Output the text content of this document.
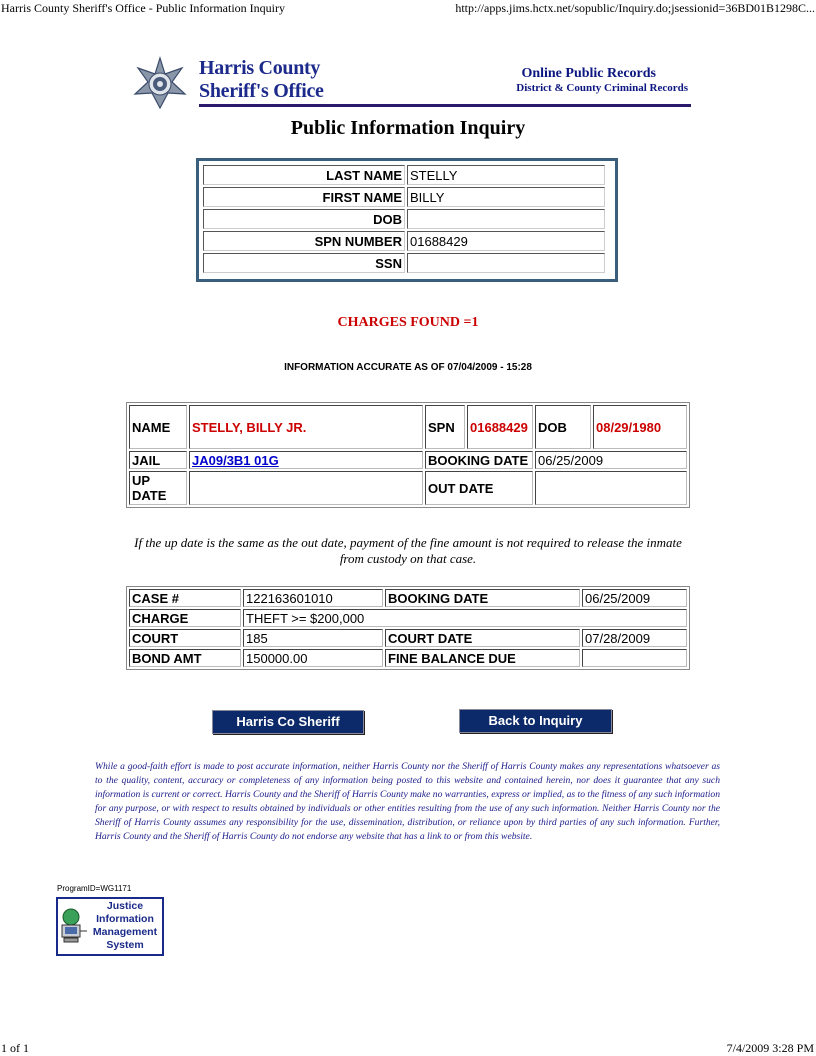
Harris County Sheriff's Office - Public Information Inquiry	http://apps.jims.hctx.net/sopublic/Inquiry.do;jsessionid=36BD01B1298C...
Harris County
Sheriff's Office
Online Public Records
District & County Criminal Records
Public Information Inquiry
LAST NAME	STELLY
FIRST NAME	BILLY
DOB	
SPN NUMBER	01688429
SSN	
CHARGES FOUND =1
INFORMATION ACCURATE AS OF 07/04/2009 - 15:28
NAME	STELLY, BILLY JR.	SPN	01688429	DOB	08/29/1980
JAIL	JA09/3B1 01G	BOOKING DATE		06/25/2009	
UP DATE		OUT DATE			
If the up date is the same as the out date, payment of the fine amount is not required to release the inmate from custody on that case.
CASE #	122163601010	BOOKING DATE	06/25/2009
CHARGE	THEFT >= $200,000		
COURT	185	COURT DATE	07/28/2009
BOND AMT	150000.00	FINE BALANCE DUE	
Harris Co Sheriff	Back to Inquiry
While a good-faith effort is made to post accurate information, neither Harris County nor the Sheriff of Harris County makes any representations whatsoever as to the quality, content, accuracy or completeness of any information being posted to this website and contained herein, nor does it guarantee that any such information is current or correct. Harris County and the Sheriff of Harris County make no warranties, express or implied, as to the fitness of any such information for any purpose, or with respect to results obtained by individuals or other entities resulting from the use of any such information. Neither Harris County nor the Sheriff of Harris County assumes any responsibility for the use, dissemination, distribution, or reliance upon by third parties of any such information. Further, Harris County and the Sheriff of Harris County do not endorse any website that has a link to or from this website.
ProgramID=WG1171
Justice
Information
Management
System
1 of 1	7/4/2009 3:28 PM
